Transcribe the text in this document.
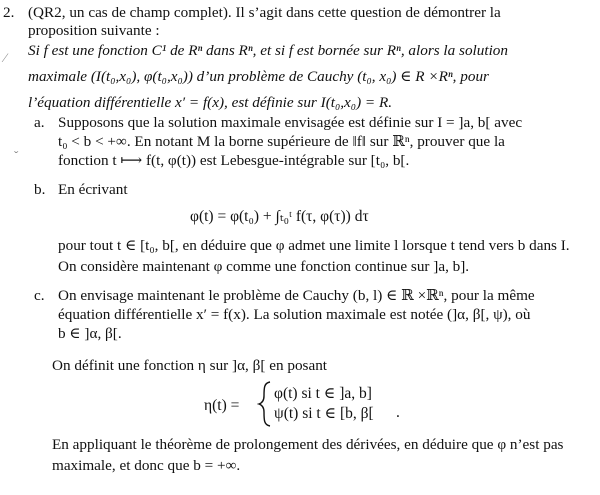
⁄
ˇ
2. (QR2, un cas de champ complet). Il s’agit dans cette question de démontrer la
proposition suivante :
Si f est une fonction C¹ de Rⁿ dans Rⁿ, et si f est bornée sur Rⁿ, alors la solution
maximale (I(t₀,x₀), φ(t₀,x₀)) d’un problème de Cauchy (t₀, x₀) ∈ R ×Rⁿ, pour
l’équation différentielle x′ = f(x), est définie sur I(t₀,x₀) = R.
a. Supposons que la solution maximale envisagée est définie sur I = ]a, b[ avec
t₀ < b < +∞. En notant M la borne supérieure de ‖f‖ sur ℝⁿ, prouver que la
fonction t ⟼ f(t, φ(t)) est Lebesgue-intégrable sur [t₀, b[.
b. En écrivant
φ(t) = φ(t₀) + ∫ₜ₀ᵗ f(τ, φ(τ)) dτ
pour tout t ∈ [t₀, b[, en déduire que φ admet une limite l lorsque t tend vers b dans I.
On considère maintenant φ comme une fonction continue sur ]a, b].
c. On envisage maintenant le problème de Cauchy (b, l) ∈ ℝ ×ℝⁿ, pour la même
équation différentielle x′ = f(x). La solution maximale est notée (]α, β[, ψ), où
b ∈ ]α, β[.
On définit une fonction η sur ]α, β[ en posant
η(t) =
φ(t) si t ∈ ]a, b]
ψ(t) si t ∈ [b, β[ .
En appliquant le théorème de prolongement des dérivées, en déduire que φ n’est pas
maximale, et donc que b = +∞.
